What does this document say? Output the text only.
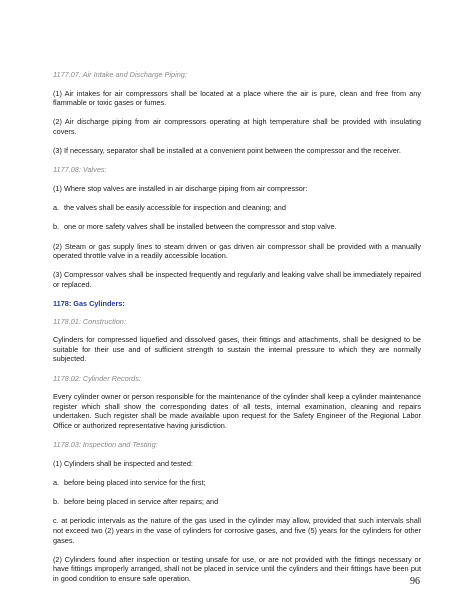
1177.07: Air Intake and Discharge Piping:

(1) Air intakes for air compressors shall be located at a place where the air is pure, clean and free from any flammable or toxic gases or fumes.

(2) Air discharge piping from air compressors operating at high temperature shall be provided with insulating covers.

(3) If necessary, separator shall be installed at a convenient point between the compressor and the receiver.

1177.08: Valves:

(1) Where stop valves are installed in air discharge piping from air compressor:

a. the valves shall be easily accessible for inspection and cleaning; and
b. one or more safety valves shall be installed between the compressor and stop valve.

(2) Steam or gas supply lines to steam driven or gas driven air compressor shall be provided with a manually operated throttle valve in a readily accessible location.

(3) Compressor valves shall be inspected frequently and regularly and leaking valve shall be immediately repaired or replaced.

1178: Gas Cylinders:

1178.01: Construction:

Cylinders for compressed liquefied and dissolved gases, their fittings and attachments, shall be designed to be suitable for their use and of sufficient strength to sustain the internal pressure to which they are normally subjected.

1178.02: Cylinder Records:

Every cylinder owner or person responsible for the maintenance of the cylinder shall keep a cylinder maintenance register which shall show the corresponding dates of all tests, internal examination, cleaning and repairs undertaken. Such register shall be made available upon request for the Safety Engineer of the Regional Labor Office or authorized representative having jurisdiction.

1178.03: Inspection and Testing:

(1) Cylinders shall be inspected and tested:

a. before being placed into service for the first;
b. before being placed in service after repairs; and

c. at periodic intervals as the nature of the gas used in the cylinder may allow, provided that such intervals shall not exceed two (2) years in the vase of cylinders for corrosive gases, and five (5) years for the cylinders for other gases.

(2) Cylinders found after inspection or testing unsafe for use, or are not provided with the fittings necessary or have fittings improperly arranged, shall not be placed in service until the cylinders and their fittings have been put in good condition to ensure safe operation.	96
